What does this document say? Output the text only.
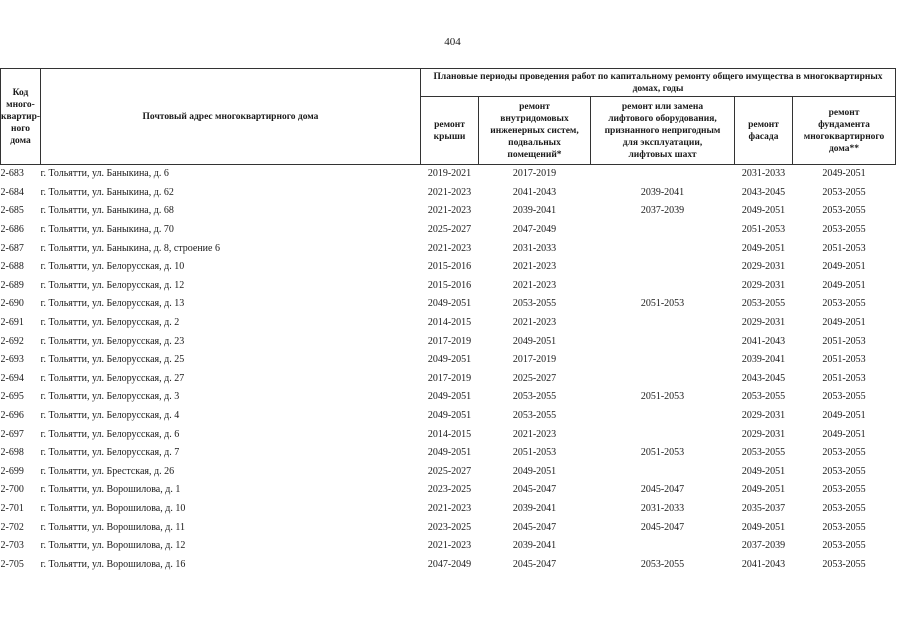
404
Код
много-
квартир-
ного
дома	Почтовый адрес многоквартирного дома	Плановые периоды проведения работ по капитальному ремонту общего имущества в многоквартирных домах, годы				
		ремонт
крыши	ремонт
внутридомовых
инженерных систем,
подвальных
помещений*	ремонт или замена
лифтового оборудования,
признанного непригодным
для эксплуатации,
лифтовых шахт	ремонт
фасада	ремонт
фундамента
многоквартирного
дома**
2-683	г. Тольятти, ул. Баныкина, д. 6	2019-2021	2017-2019		2031-2033	2049-2051
2-684	г. Тольятти, ул. Баныкина, д. 62	2021-2023	2041-2043	2039-2041	2043-2045	2053-2055
2-685	г. Тольятти, ул. Баныкина, д. 68	2021-2023	2039-2041	2037-2039	2049-2051	2053-2055
2-686	г. Тольятти, ул. Баныкина, д. 70	2025-2027	2047-2049		2051-2053	2053-2055
2-687	г. Тольятти, ул. Баныкина, д. 8, строение 6	2021-2023	2031-2033		2049-2051	2051-2053
2-688	г. Тольятти, ул. Белорусская, д. 10	2015-2016	2021-2023		2029-2031	2049-2051
2-689	г. Тольятти, ул. Белорусская, д. 12	2015-2016	2021-2023		2029-2031	2049-2051
2-690	г. Тольятти, ул. Белорусская, д. 13	2049-2051	2053-2055	2051-2053	2053-2055	2053-2055
2-691	г. Тольятти, ул. Белорусская, д. 2	2014-2015	2021-2023		2029-2031	2049-2051
2-692	г. Тольятти, ул. Белорусская, д. 23	2017-2019	2049-2051		2041-2043	2051-2053
2-693	г. Тольятти, ул. Белорусская, д. 25	2049-2051	2017-2019		2039-2041	2051-2053
2-694	г. Тольятти, ул. Белорусская, д. 27	2017-2019	2025-2027		2043-2045	2051-2053
2-695	г. Тольятти, ул. Белорусская, д. 3	2049-2051	2053-2055	2051-2053	2053-2055	2053-2055
2-696	г. Тольятти, ул. Белорусская, д. 4	2049-2051	2053-2055		2029-2031	2049-2051
2-697	г. Тольятти, ул. Белорусская, д. 6	2014-2015	2021-2023		2029-2031	2049-2051
2-698	г. Тольятти, ул. Белорусская, д. 7	2049-2051	2051-2053	2051-2053	2053-2055	2053-2055
2-699	г. Тольятти, ул. Брестская, д. 26	2025-2027	2049-2051		2049-2051	2053-2055
2-700	г. Тольятти, ул. Ворошилова, д. 1	2023-2025	2045-2047	2045-2047	2049-2051	2053-2055
2-701	г. Тольятти, ул. Ворошилова, д. 10	2021-2023	2039-2041	2031-2033	2035-2037	2053-2055
2-702	г. Тольятти, ул. Ворошилова, д. 11	2023-2025	2045-2047	2045-2047	2049-2051	2053-2055
2-703	г. Тольятти, ул. Ворошилова, д. 12	2021-2023	2039-2041		2037-2039	2053-2055
2-705	г. Тольятти, ул. Ворошилова, д. 16	2047-2049	2045-2047	2053-2055	2041-2043	2053-2055
